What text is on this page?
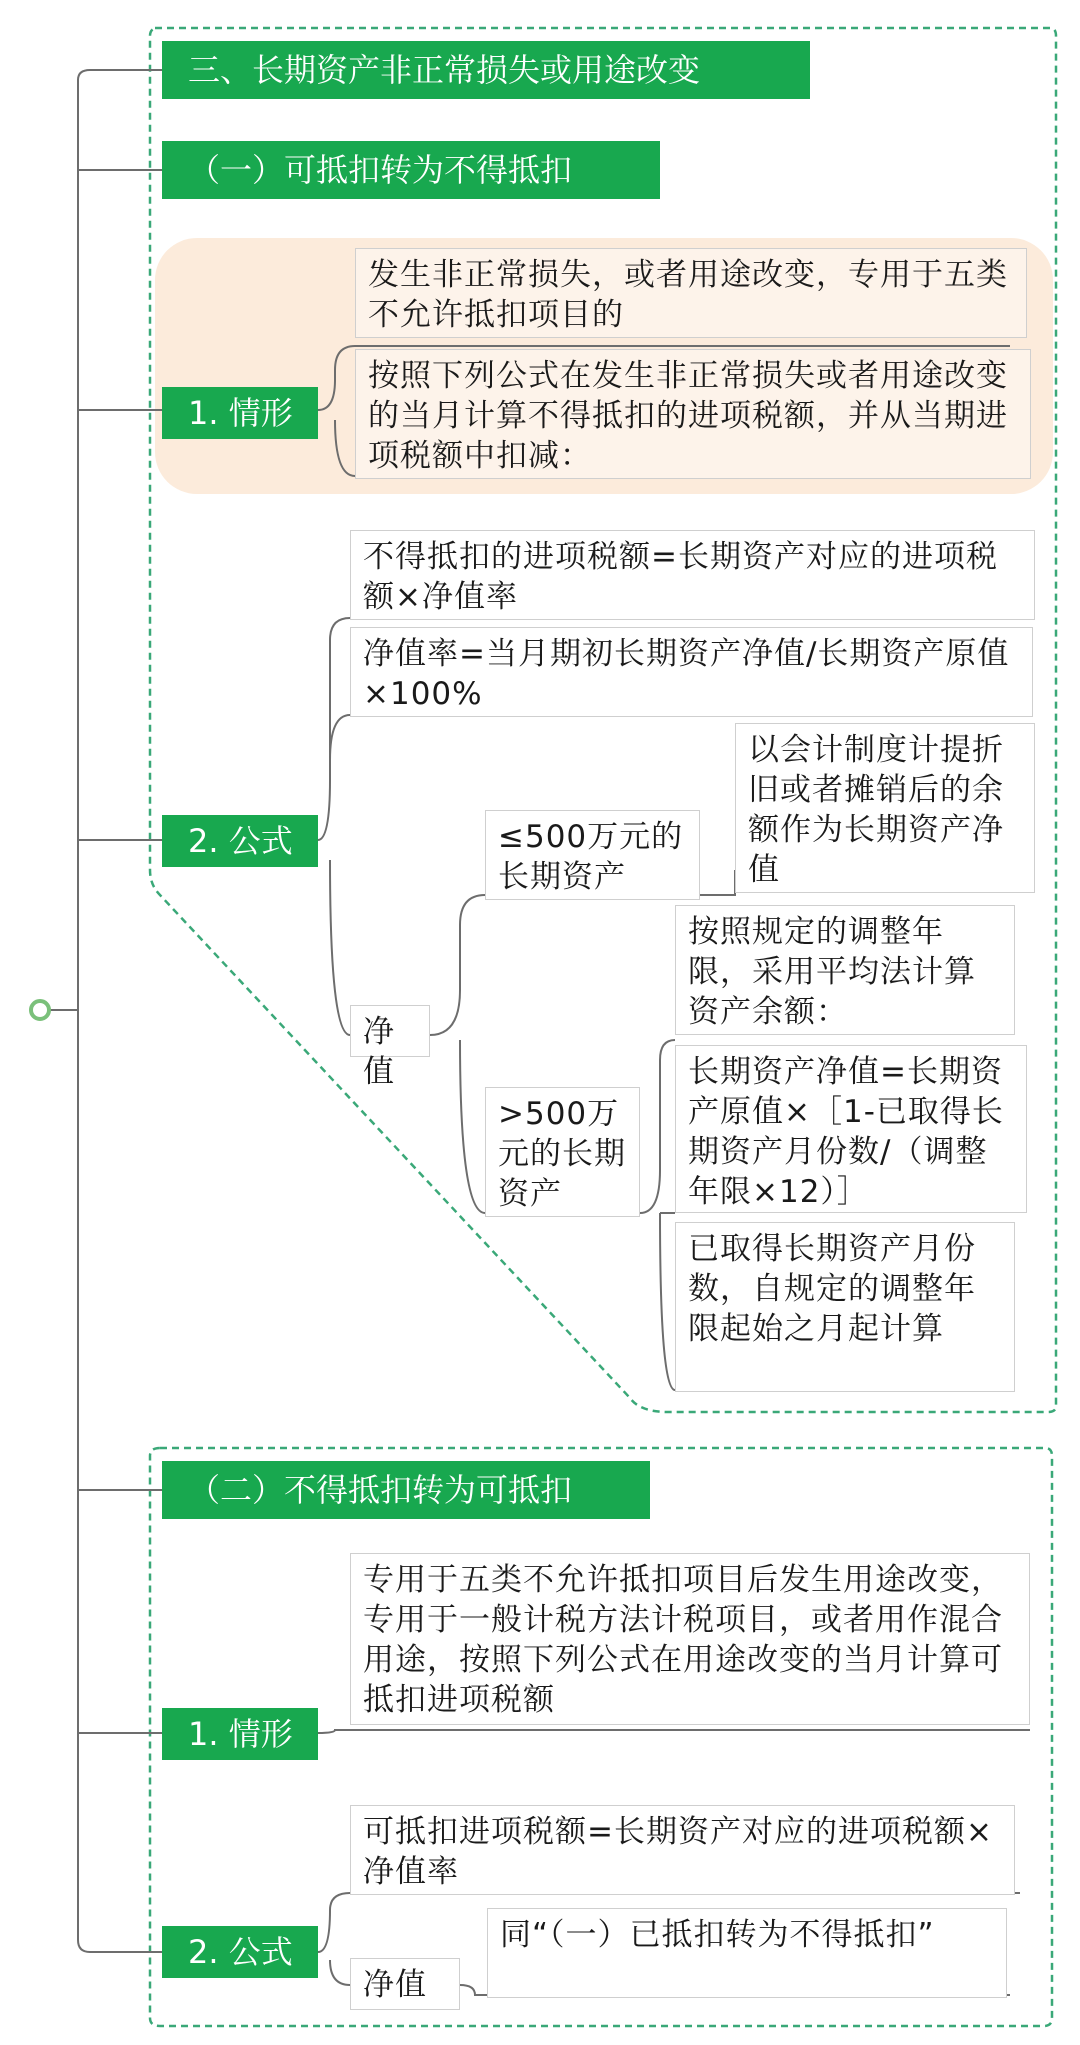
三、长期资产非正常损失或用途改变
（一）可抵扣转为不得抵扣
发生非正常损失，或者用途改变，专用于五类不允许抵扣项目的
按照下列公式在发生非正常损失或者用途改变的当月计算不得抵扣的进项税额，并从当期进项税额中扣减：
1. 情形
不得抵扣的进项税额=长期资产对应的进项税额×净值率
净值率=当月期初长期资产净值/长期资产原值×100%
2. 公式
以会计制度计提折旧或者摊销后的余额作为长期资产净值
≤500万元的长期资产
按照规定的调整年限，采用平均法计算资产余额：
净值	长期资产净值=长期资产原值×［1-已取得长期资产月份数/（调整年限×12）］
>500万元的长期资产
已取得长期资产月份数，自规定的调整年限起始之月起计算
（二）不得抵扣转为可抵扣
专用于五类不允许抵扣项目后发生用途改变，专用于一般计税方法计税项目，或者用作混合用途，按照下列公式在用途改变的当月计算可抵扣进项税额
1. 情形
可抵扣进项税额=长期资产对应的进项税额×净值率
同“（一）已抵扣转为不得抵扣”
2. 公式
净值
